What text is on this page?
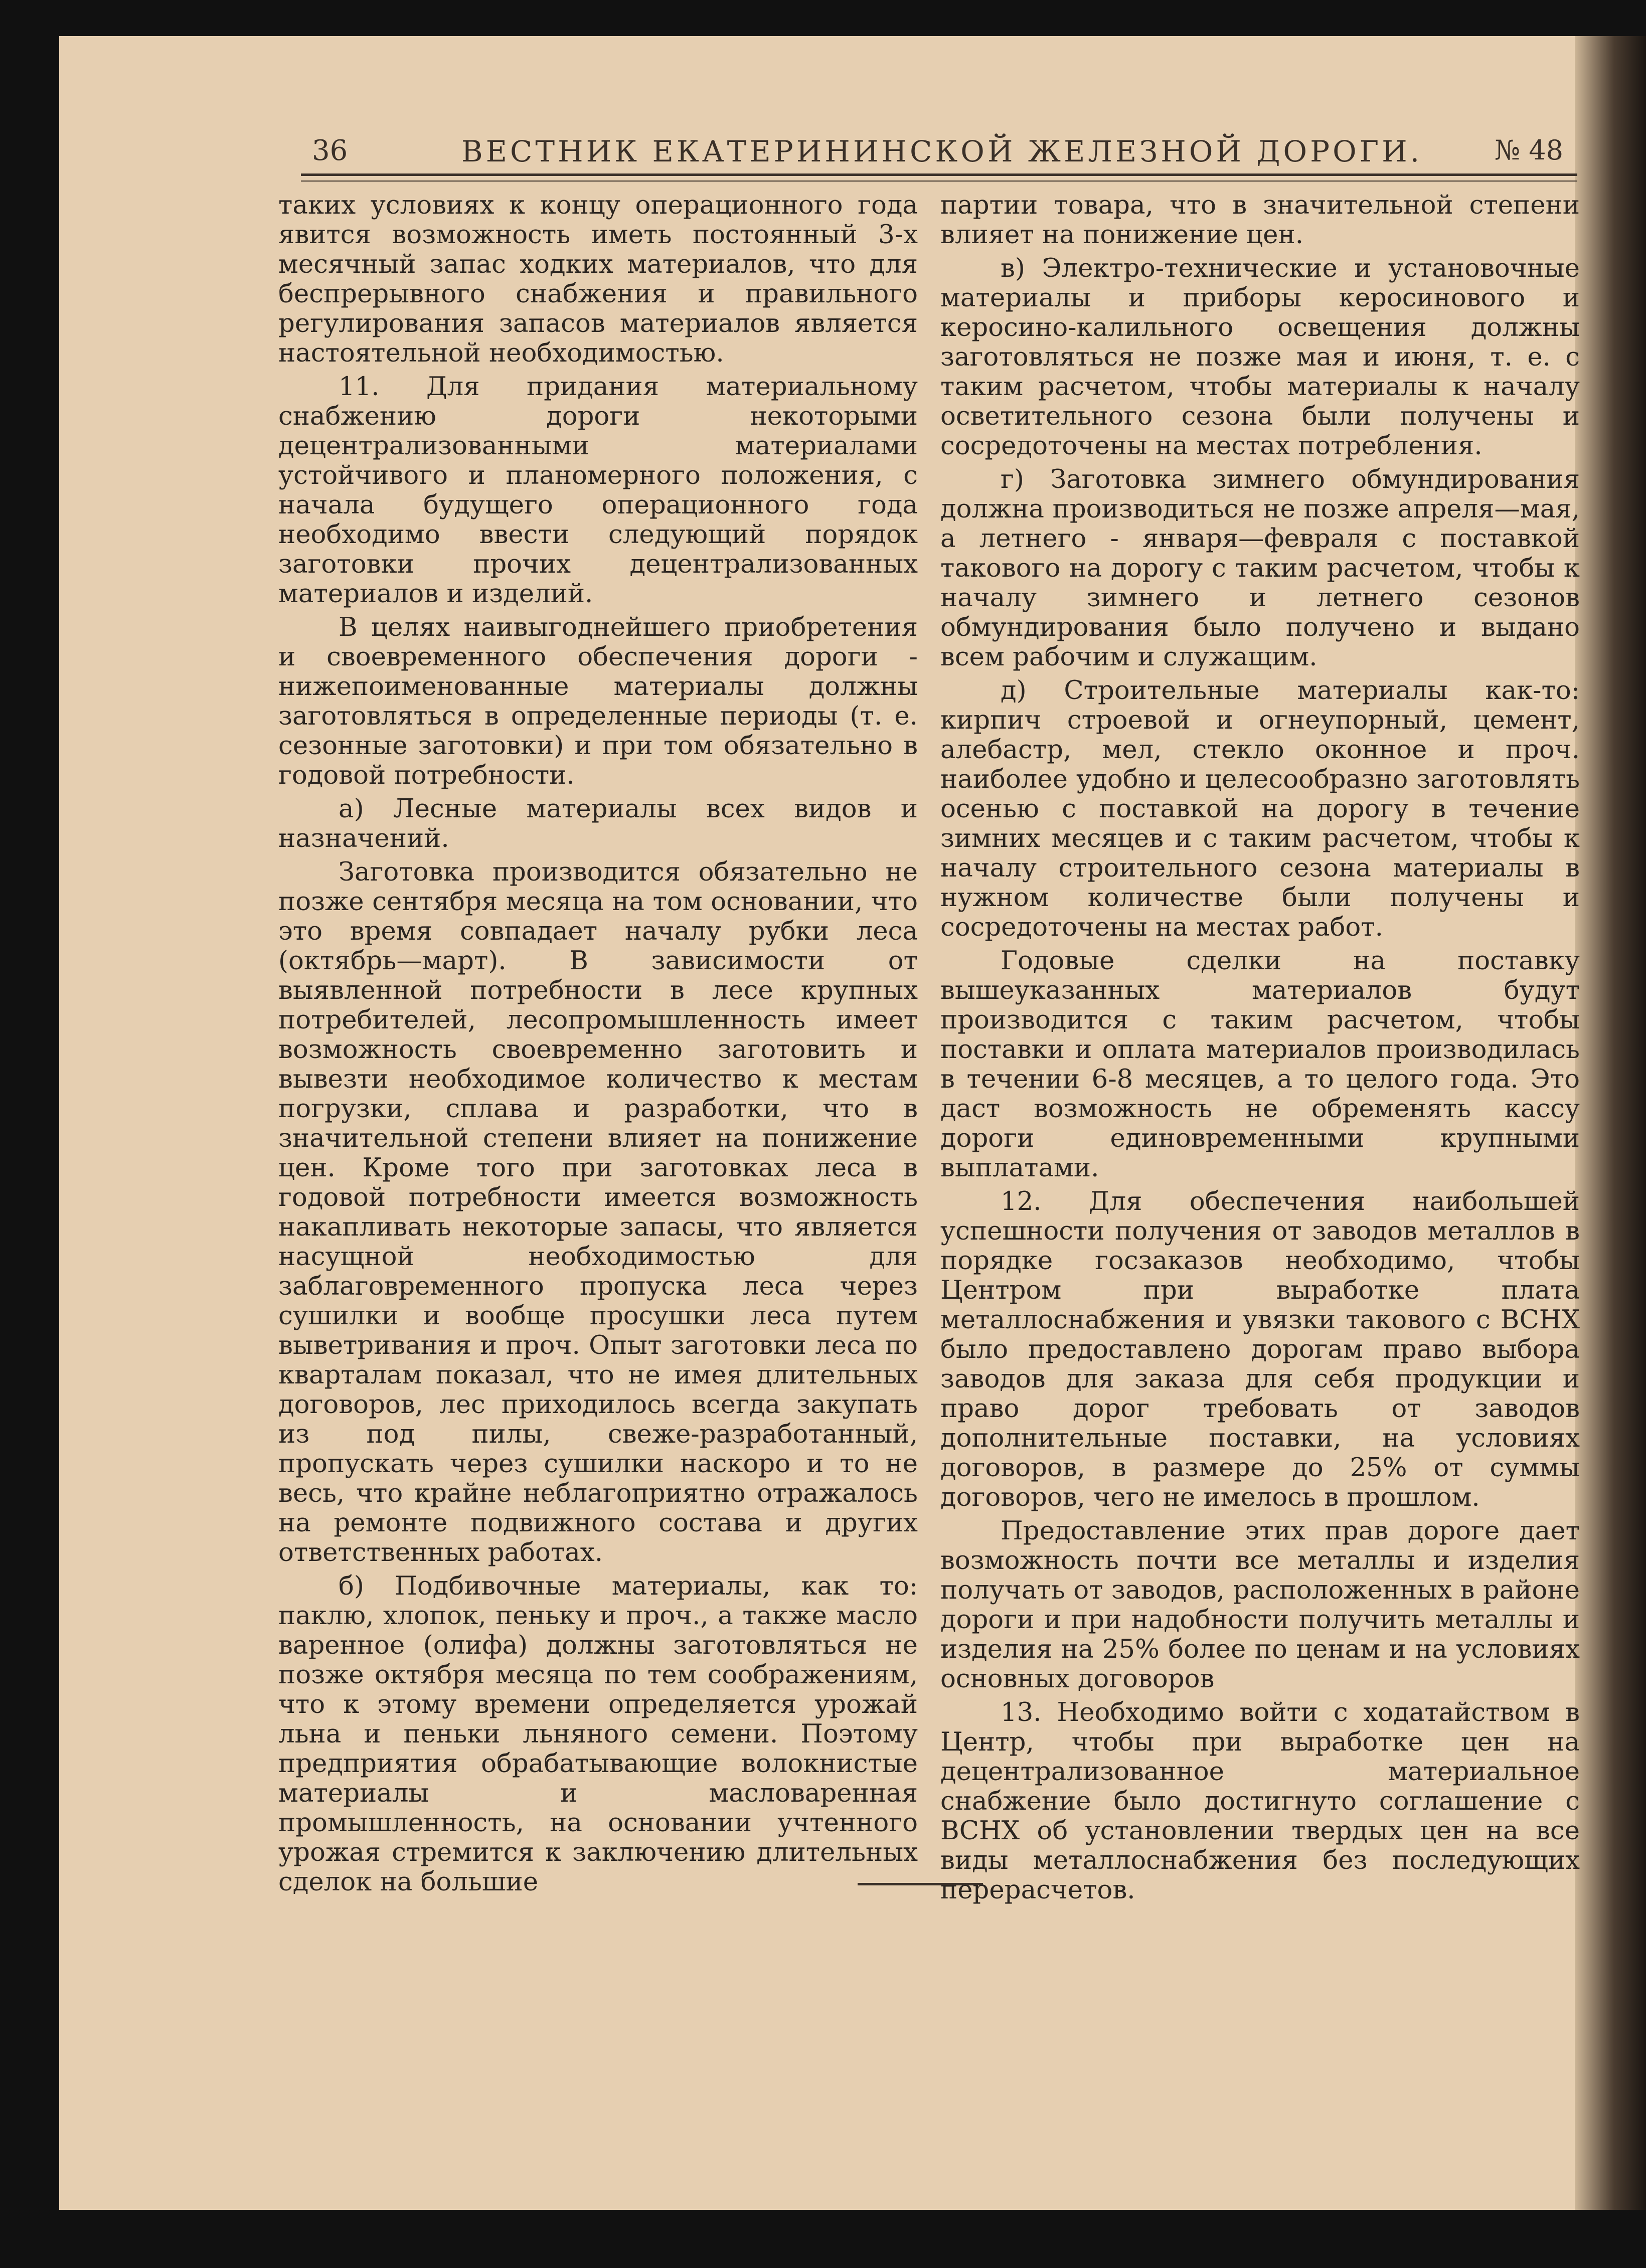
36	ВЕСТНИК ЕКАТЕРИНИНСКОЙ ЖЕЛЕЗНОЙ ДОРОГИ.	№ 48

таких условиях к концу операционного года явится возможность иметь постоянный 3-х месячный запас ходких материалов, что для беспрерывного снабжения и правильного регулирования запасов материалов является настоятельной необходимостью.

11. Для придания материальному снабжению дороги некоторыми децентрализованными материалами устойчивого и планомерного положения, с начала будущего операционного года необходимо ввести следующий порядок заготовки прочих децентрализованных материалов и изделий.

В целях наивыгоднейшего приобретения и своевременного обеспечения дороги - нижепоименованные материалы должны заготовляться в определенные периоды (т. е. сезонные заготовки) и при том обязательно в годовой потребности.

а) Лесные материалы всех видов и назначений.

Заготовка производится обязательно не позже сентября месяца на том основании, что это время совпадает началу рубки леса (октябрь—март). В зависимости от выявленной потребности в лесе крупных потребителей, лесопромышленность имеет возможность своевременно заготовить и вывезти необходимое количество к местам погрузки, сплава и разработки, что в значительной степени влияет на понижение цен. Кроме того при заготовках леса в годовой потребности имеется возможность накапливать некоторые запасы, что является насущной необходимостью для заблаговременного пропуска леса через сушилки и вообще просушки леса путем выветривания и проч. Опыт заготовки леса по кварталам показал, что не имея длительных договоров, лес приходилось всегда закупать из под пилы, свеже-разработанный, пропускать через сушилки наскоро и то не весь, что крайне неблагоприятно отражалось на ремонте подвижного состава и других ответственных работах.

б) Подбивочные материалы, как то: паклю, хлопок, пеньку и проч., а также масло варенное (олифа) должны заготовляться не позже октября месяца по тем соображениям, что к этому времени определяется урожай льна и пеньки льняного семени. Поэтому предприятия обрабатывающие волокнистые материалы и масловаренная промышленность, на основании учтенного урожая стремится к заключению длительных сделок на большие

партии товара, что в значительной степени влияет на понижение цен.

в) Электро-технические и установочные материалы и приборы керосинового и керосино-калильного освещения должны заготовляться не позже мая и июня, т. е. с таким расчетом, чтобы материалы к началу осветительного сезона были получены и сосредоточены на местах потребления.

г) Заготовка зимнего обмундирования должна производиться не позже апреля—мая, а летнего - января—февраля с поставкой такового на дорогу с таким расчетом, чтобы к началу зимнего и летнего сезонов обмундирования было получено и выдано всем рабочим и служащим.

д) Строительные материалы как-то: кирпич строевой и огнеупорный, цемент, алебастр, мел, стекло оконное и проч. наиболее удобно и целесообразно заготовлять осенью с поставкой на дорогу в течение зимних месяцев и с таким расчетом, чтобы к началу строительного сезона материалы в нужном количестве были получены и сосредоточены на местах работ.

Годовые сделки на поставку вышеуказанных материалов будут производится с таким расчетом, чтобы поставки и оплата материалов производилась в течении 6-8 месяцев, а то целого года. Это даст возможность не обременять кассу дороги единовременными крупными выплатами.

12. Для обеспечения наибольшей успешности получения от заводов металлов в порядке госзаказов необходимо, чтобы Центром при выработке плата металлоснабжения и увязки такового с ВСНХ было предоставлено дорогам право выбора заводов для заказа для себя продукции и право дорог требовать от заводов дополнительные поставки, на условиях договоров, в размере до 25% от суммы договоров, чего не имелось в прошлом.

Предоставление этих прав дороге дает возможность почти все металлы и изделия получать от заводов, расположенных в районе дороги и при надобности получить металлы и изделия на 25% более по ценам и на условиях основных договоров

13. Необходимо войти с ходатайством в Центр, чтобы при выработке цен на децентрализованное материальное снабжение было достигнуто соглашение с ВСНХ об установлении твердых цен на все виды металлоснабжения без последующих перерасчетов.
